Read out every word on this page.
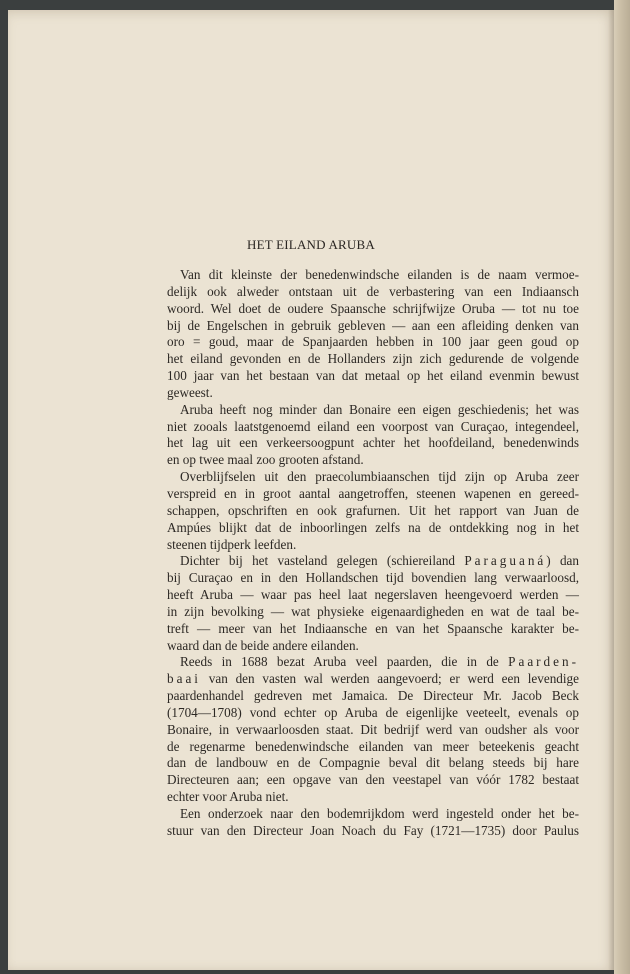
HET EILAND ARUBA
Van dit kleinste der benedenwindsche eilanden is de naam vermoe-
delijk ook alweder ontstaan uit de verbastering van een Indiaansch
woord. Wel doet de oudere Spaansche schrijfwijze Oruba — tot nu toe
bij de Engelschen in gebruik gebleven — aan een afleiding denken van
oro = goud, maar de Spanjaarden hebben in 100 jaar geen goud op
het eiland gevonden en de Hollanders zijn zich gedurende de volgende
100 jaar van het bestaan van dat metaal op het eiland evenmin bewust
geweest.
Aruba heeft nog minder dan Bonaire een eigen geschiedenis; het was
niet zooals laatstgenoemd eiland een voorpost van Curaçao, integendeel,
het lag uit een verkeersoogpunt achter het hoofdeiland, benedenwinds
en op twee maal zoo grooten afstand.
Overblijfselen uit den praecolumbiaanschen tijd zijn op Aruba zeer
verspreid en in groot aantal aangetroffen, steenen wapenen en gereed-
schappen, opschriften en ook grafurnen. Uit het rapport van Juan de
Ampúes blijkt dat de inboorlingen zelfs na de ontdekking nog in het
steenen tijdperk leefden.
Dichter bij het vasteland gelegen (schiereiland Paraguaná) dan
bij Curaçao en in den Hollandschen tijd bovendien lang verwaarloosd,
heeft Aruba — waar pas heel laat negerslaven heengevoerd werden —
in zijn bevolking — wat physieke eigenaardigheden en wat de taal be-
treft — meer van het Indiaansche en van het Spaansche karakter be-
waard dan de beide andere eilanden.
Reeds in 1688 bezat Aruba veel paarden, die in de Paarden-
baai van den vasten wal werden aangevoerd; er werd een levendige
paardenhandel gedreven met Jamaica. De Directeur Mr. Jacob Beck
(1704—1708) vond echter op Aruba de eigenlijke veeteelt, evenals op
Bonaire, in verwaarloosden staat. Dit bedrijf werd van oudsher als voor
de regenarme benedenwindsche eilanden van meer beteekenis geacht
dan de landbouw en de Compagnie beval dit belang steeds bij hare
Directeuren aan; een opgave van den veestapel van vóór 1782 bestaat
echter voor Aruba niet.
Een onderzoek naar den bodemrijkdom werd ingesteld onder het be-
stuur van den Directeur Joan Noach du Fay (1721—1735) door Paulus
